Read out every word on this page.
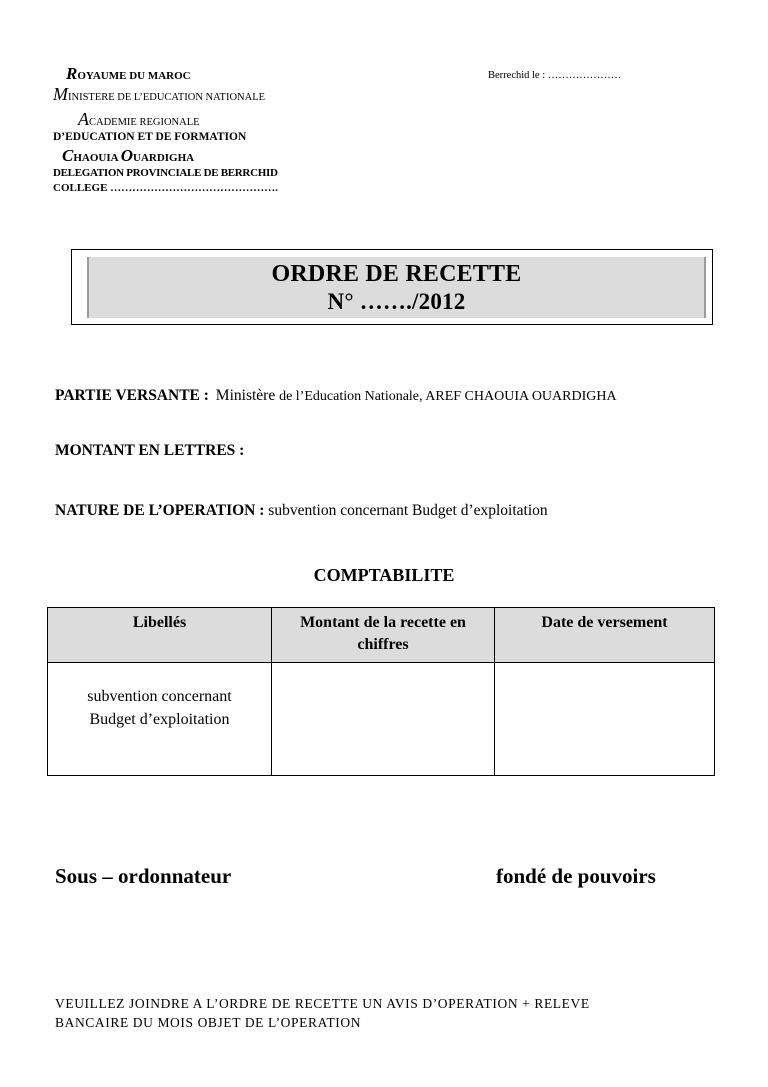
ROYAUME DU MAROC
MINISTERE DE L’EDUCATION NATIONALE
ACADEMIE REGIONALE
D’EDUCATION ET DE FORMATION
CHAOUIA OUARDIGHA
DELEGATION PROVINCIALE DE BERRCHID
COLLEGE ……………………………………….
Berrechid le : …………………
ORDRE DE RECETTE
N° ……./2012
PARTIE VERSANTE : Ministère de l’Education Nationale, AREF CHAOUIA OUARDIGHA
MONTANT EN LETTRES :
NATURE DE L’OPERATION : subvention concernant Budget d’exploitation
COMPTABILITE
Libellés	Montant de la recette en chiffres	Date de versement

subvention concernant
Budget d’exploitation		

Sous – ordonnateur	fondé de pouvoirs
VEUILLEZ JOINDRE A L’ORDRE DE RECETTE UN AVIS D’OPERATION + RELEVE
BANCAIRE DU MOIS OBJET DE L’OPERATION
